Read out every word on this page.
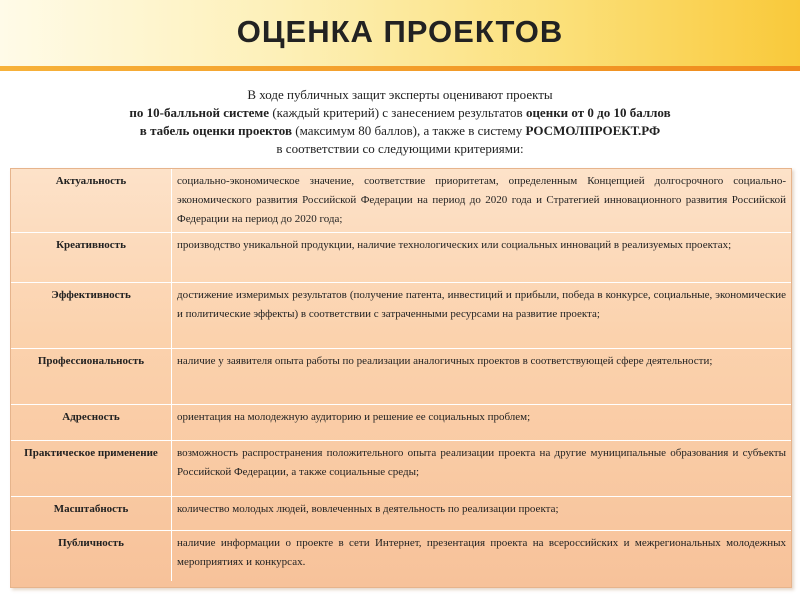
ОЦЕНКА ПРОЕКТОВ
В ходе публичных защит эксперты оценивают проекты
по 10-балльной системе (каждый критерий) с занесением результатов оценки от 0 до 10 баллов
в табель оценки проектов (максимум 80 баллов), а также в систему РОСМОЛПРОЕКТ.РФ
в соответствии со следующими критериями:
Актуальность	социально-экономическое значение, соответствие приоритетам, определенным Концепцией долгосрочного социально-экономического развития Российской Федерации на период до 2020 года и Стратегией инновационного развития Российской Федерации на период до 2020 года;
Креативность	производство уникальной продукции, наличие технологических или социальных инноваций в реализуемых проектах;
Эффективность	достижение измеримых результатов (получение патента, инвестиций и прибыли, победа в конкурсе, социальные, экономические и политические эффекты) в соответствии с затраченными ресурсами на развитие проекта;
Профессиональность	наличие у заявителя опыта работы по реализации аналогичных проектов в соответствующей сфере деятельности;
Адресность	ориентация на молодежную аудиторию и решение ее социальных проблем;
Практическое применение	возможность распространения положительного опыта реализации проекта на другие муниципальные образования и субъекты Российской Федерации, а также социальные среды;
Масштабность	количество молодых людей, вовлеченных в деятельность по реализации проекта;
Публичность	наличие информации о проекте в сети Интернет, презентация проекта на всероссийских и межрегиональных молодежных мероприятиях и конкурсах.
